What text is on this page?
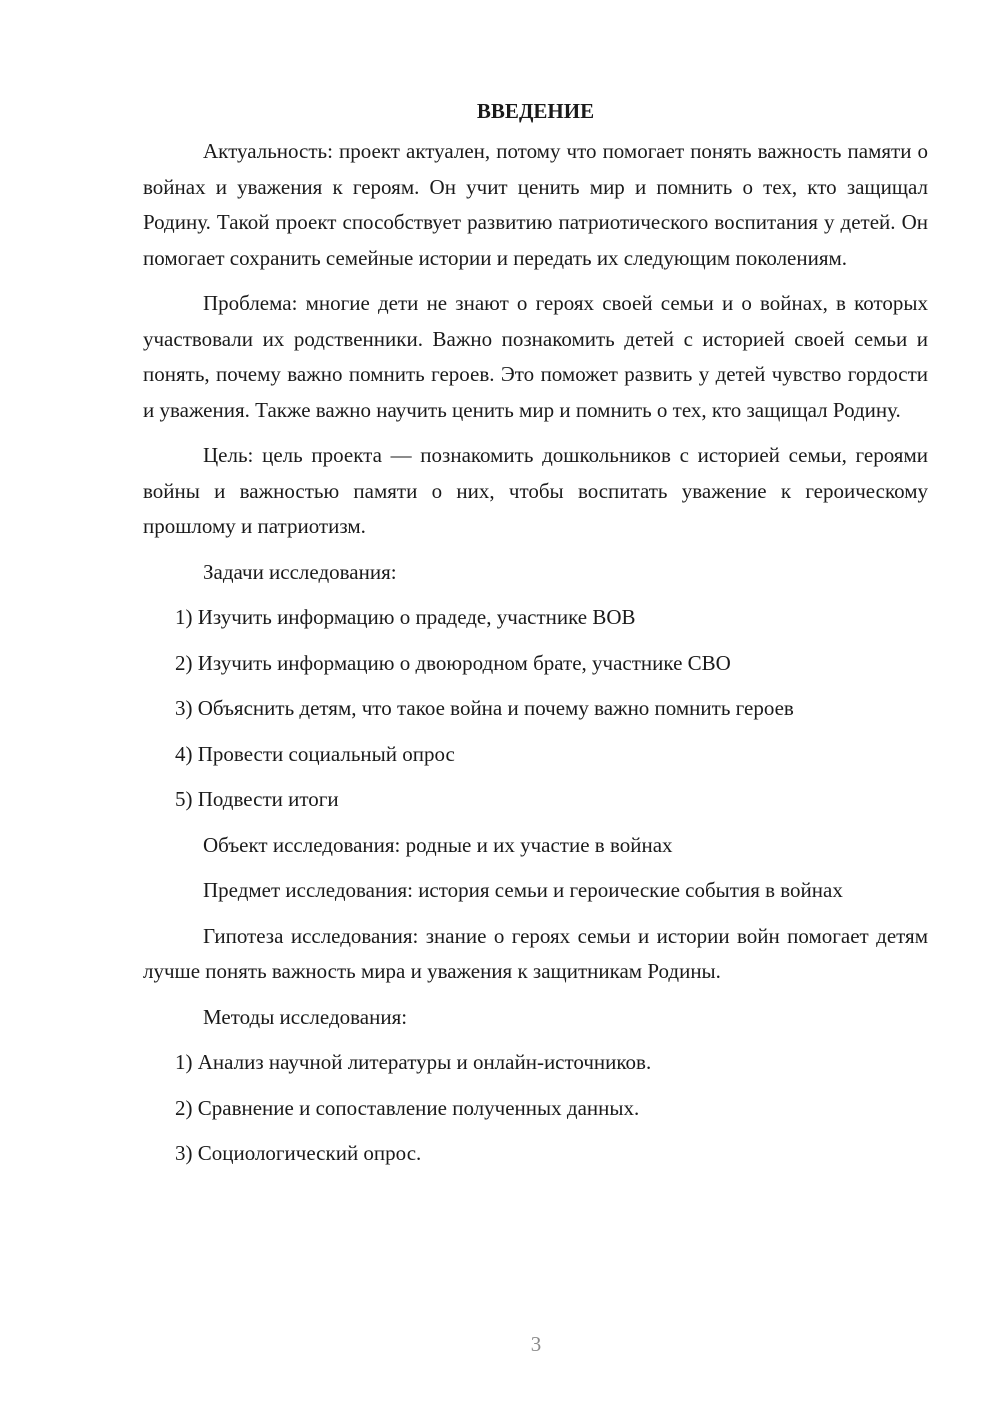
ВВЕДЕНИЕ

Актуальность: проект актуален, потому что помогает понять важность памяти о войнах и уважения к героям. Он учит ценить мир и помнить о тех, кто защищал Родину. Такой проект способствует развитию патриотического воспитания у детей. Он помогает сохранить семейные истории и передать их следующим поколениям.

Проблема: многие дети не знают о героях своей семьи и о войнах, в которых участвовали их родственники. Важно познакомить детей с историей своей семьи и понять, почему важно помнить героев. Это поможет развить у детей чувство гордости и уважения. Также важно научить ценить мир и помнить о тех, кто защищал Родину.

Цель: цель проекта — познакомить дошкольников с историей семьи, героями войны и важностью памяти о них, чтобы воспитать уважение к героическому прошлому и патриотизм.

Задачи исследования:

1) Изучить информацию о прадеде, участнике ВОВ

2) Изучить информацию о двоюродном брате, участнике СВО

3) Объяснить детям, что такое война и почему важно помнить героев

4) Провести социальный опрос

5) Подвести итоги

Объект исследования: родные и их участие в войнах

Предмет исследования: история семьи и героические события в войнах

Гипотеза исследования: знание о героях семьи и истории войн помогает детям лучше понять важность мира и уважения к защитникам Родины.

Методы исследования:

1) Анализ научной литературы и онлайн-источников.

2) Сравнение и сопоставление полученных данных.

3) Социологический опрос.

3
